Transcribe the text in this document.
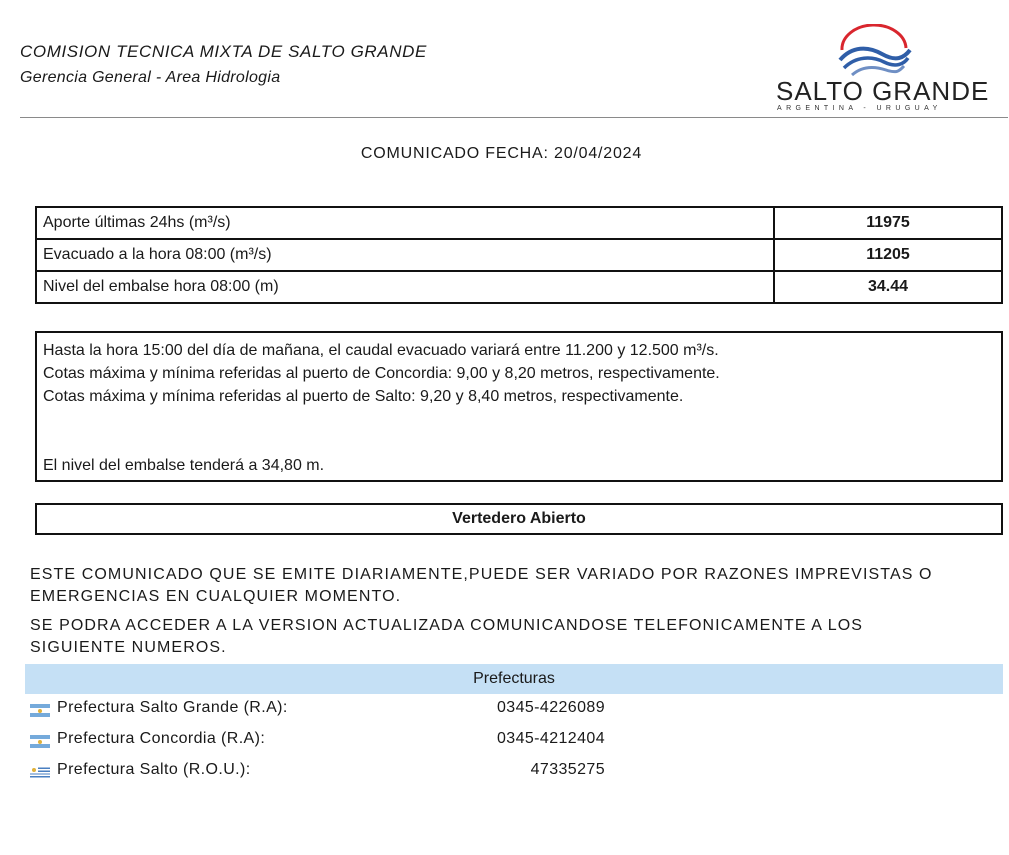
COMISION TECNICA MIXTA DE SALTO GRANDE
Gerencia General - Area Hidrologia	SALTO GRANDE
ARGENTINA - URUGUAY
COMUNICADO FECHA: 20/04/2024
Aporte últimas 24hs (m³/s)	11975
Evacuado a la hora 08:00 (m³/s)	11205
Nivel del embalse hora 08:00 (m)	34.44
Hasta la hora 15:00 del día de mañana, el caudal evacuado variará entre 11.200 y 12.500 m³/s.
Cotas máxima y mínima referidas al puerto de Concordia: 9,00 y 8,20 metros, respectivamente.
Cotas máxima y mínima referidas al puerto de Salto: 9,20 y 8,40 metros, respectivamente.
El nivel del embalse tenderá a 34,80 m.
Vertedero Abierto
ESTE COMUNICADO QUE SE EMITE DIARIAMENTE,PUEDE SER VARIADO POR RAZONES IMPREVISTAS O
EMERGENCIAS EN CUALQUIER MOMENTO.
SE PODRA ACCEDER A LA VERSION ACTUALIZADA COMUNICANDOSE TELEFONICAMENTE A LOS
SIGUIENTE NUMEROS.
Prefecturas
Prefectura Salto Grande (R.A):	0345-4226089
Prefectura Concordia (R.A):	0345-4212404
Prefectura Salto (R.O.U.):	47335275
